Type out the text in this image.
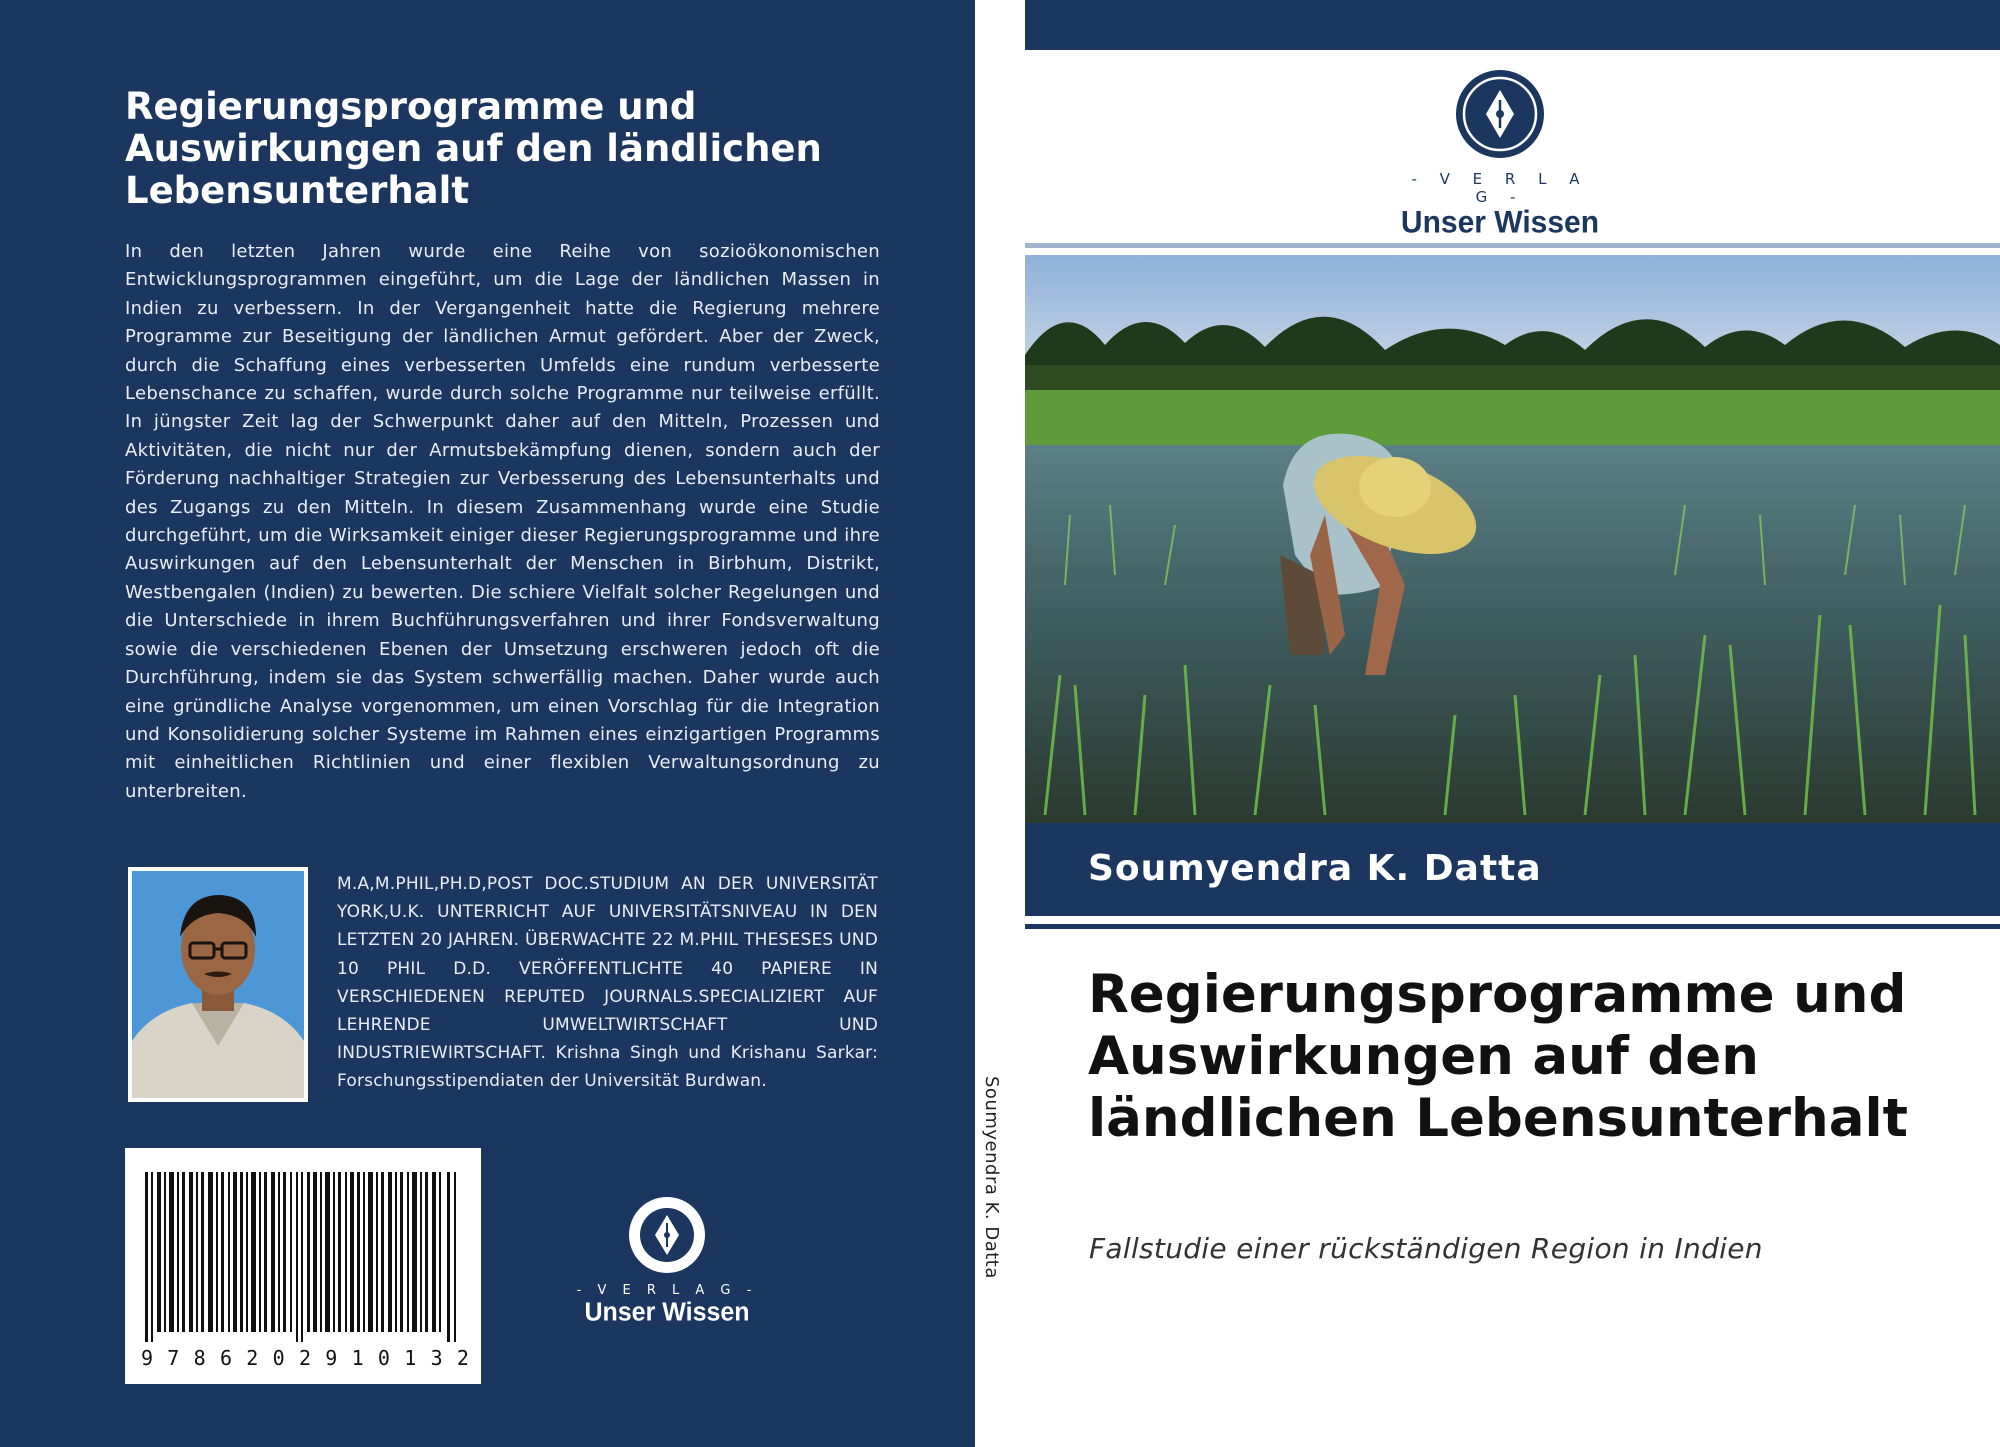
Regierungsprogramme und Auswirkungen auf den ländlichen Lebensunterhalt
In den letzten Jahren wurde eine Reihe von sozioökonomischen Entwicklungsprogrammen eingeführt, um die Lage der ländlichen Massen in Indien zu verbessern. In der Vergangenheit hatte die Regierung mehrere Programme zur Beseitigung der ländlichen Armut gefördert. Aber der Zweck, durch die Schaffung eines verbesserten Umfelds eine rundum verbesserte Lebenschance zu schaffen, wurde durch solche Programme nur teilweise erfüllt. In jüngster Zeit lag der Schwerpunkt daher auf den Mitteln, Prozessen und Aktivitäten, die nicht nur der Armutsbekämpfung dienen, sondern auch der Förderung nachhaltiger Strategien zur Verbesserung des Lebensunterhalts und des Zugangs zu den Mitteln. In diesem Zusammenhang wurde eine Studie durchgeführt, um die Wirksamkeit einiger dieser Regierungsprogramme und ihre Auswirkungen auf den Lebensunterhalt der Menschen in Birbhum, Distrikt, Westbengalen (Indien) zu bewerten. Die schiere Vielfalt solcher Regelungen und die Unterschiede in ihrem Buchführungsverfahren und ihrer Fondsverwaltung sowie die verschiedenen Ebenen der Umsetzung erschweren jedoch oft die Durchführung, indem sie das System schwerfällig machen. Daher wurde auch eine gründliche Analyse vorgenommen, um einen Vorschlag für die Integration und Konsolidierung solcher Systeme im Rahmen eines einzigartigen Programms mit einheitlichen Richtlinien und einer flexiblen Verwaltungsordnung zu unterbreiten.
M.A,M.PHIL,PH.D,POST DOC.STUDIUM AN DER UNIVERSITÄT YORK,U.K. UNTERRICHT AUF UNIVERSITÄTSNIVEAU IN DEN LETZTEN 20 JAHREN. ÜBERWACHTE 22 M.PHIL THESESES UND 10 PHIL D.D. VERÖFFENTLICHTE 40 PAPIERE IN VERSCHIEDENEN REPUTED JOURNALS.SPECIALIZIERT AUF LEHRENDE UMWELTWIRTSCHAFT UND INDUSTRIEWIRTSCHAFT. Krishna Singh und Krishanu Sarkar: Forschungsstipendiaten der Universität Burdwan.
9 7 8 6 2 0 2 9 1 0 1 3 2
- V E R L A G -
Unser Wissen
Soumyendra K. Datta
- V E R L A G -
Unser Wissen
Soumyendra K. Datta
Regierungsprogramme und Auswirkungen auf den ländlichen Lebensunterhalt
Fallstudie einer rückständigen Region in Indien
